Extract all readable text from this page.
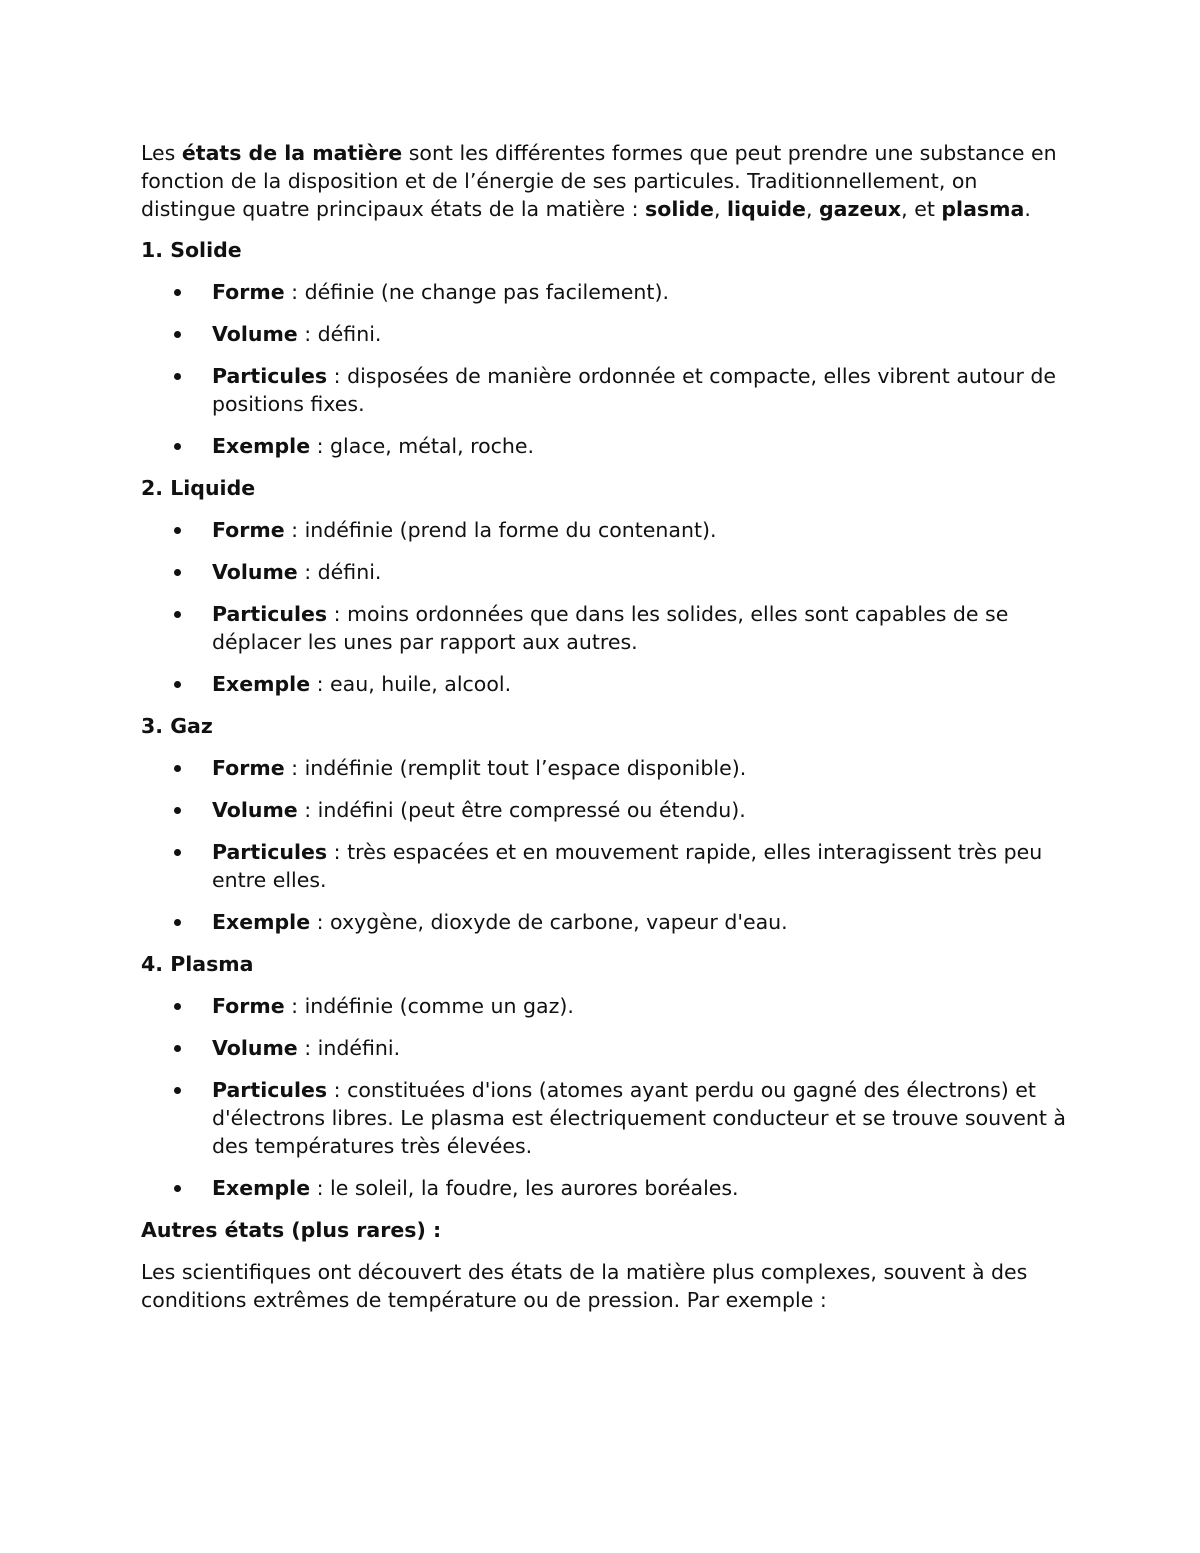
Les états de la matière sont les différentes formes que peut prendre une substance en fonction de la disposition et de l’énergie de ses particules. Traditionnellement, on distingue quatre principaux états de la matière : solide, liquide, gazeux, et plasma.

1. Solide

Forme : définie (ne change pas facilement).
Volume : défini.
Particules : disposées de manière ordonnée et compacte, elles vibrent autour de positions fixes.
Exemple : glace, métal, roche.

2. Liquide

Forme : indéfinie (prend la forme du contenant).
Volume : défini.
Particules : moins ordonnées que dans les solides, elles sont capables de se déplacer les unes par rapport aux autres.
Exemple : eau, huile, alcool.

3. Gaz

Forme : indéfinie (remplit tout l’espace disponible).
Volume : indéfini (peut être compressé ou étendu).
Particules : très espacées et en mouvement rapide, elles interagissent très peu entre elles.
Exemple : oxygène, dioxyde de carbone, vapeur d'eau.

4. Plasma

Forme : indéfinie (comme un gaz).
Volume : indéfini.
Particules : constituées d'ions (atomes ayant perdu ou gagné des électrons) et d'électrons libres. Le plasma est électriquement conducteur et se trouve souvent à des températures très élevées.
Exemple : le soleil, la foudre, les aurores boréales.

Autres états (plus rares) :

Les scientifiques ont découvert des états de la matière plus complexes, souvent à des conditions extrêmes de température ou de pression. Par exemple :
